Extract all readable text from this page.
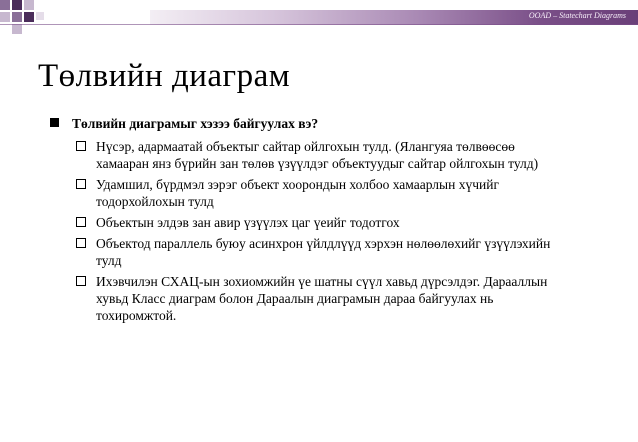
OOAD – Statechart Diagrams
Төлвийн диаграм
Төлвийн диаграмыг хэзээ байгуулах вэ?
Нүсэр, адармаатай объектыг сайтар ойлгохын тулд. (Ялангуяа төлвөөсөө хамааран янз бүрийн зан төлөв үзүүлдэг объектуудыг сайтар ойлгохын тулд)
Удамшил, бүрдмэл зэрэг объект хоорондын холбоо хамаарлын хүчийг тодорхойлохын тулд
Объектын элдэв зан авир үзүүлэх цаг үеийг тодотгох
Объектод параллель буюу асинхрон үйлдлүүд хэрхэн нөлөөлөхийг үзүүлэхийн тулд
Ихэвчилэн СХАЦ-ын зохиомжийн үе шатны сүүл хавьд дүрсэлдэг. Дарааллын хувьд Класс диаграм болон Дараалын диаграмын дараа байгуулах нь тохиромжтой.
